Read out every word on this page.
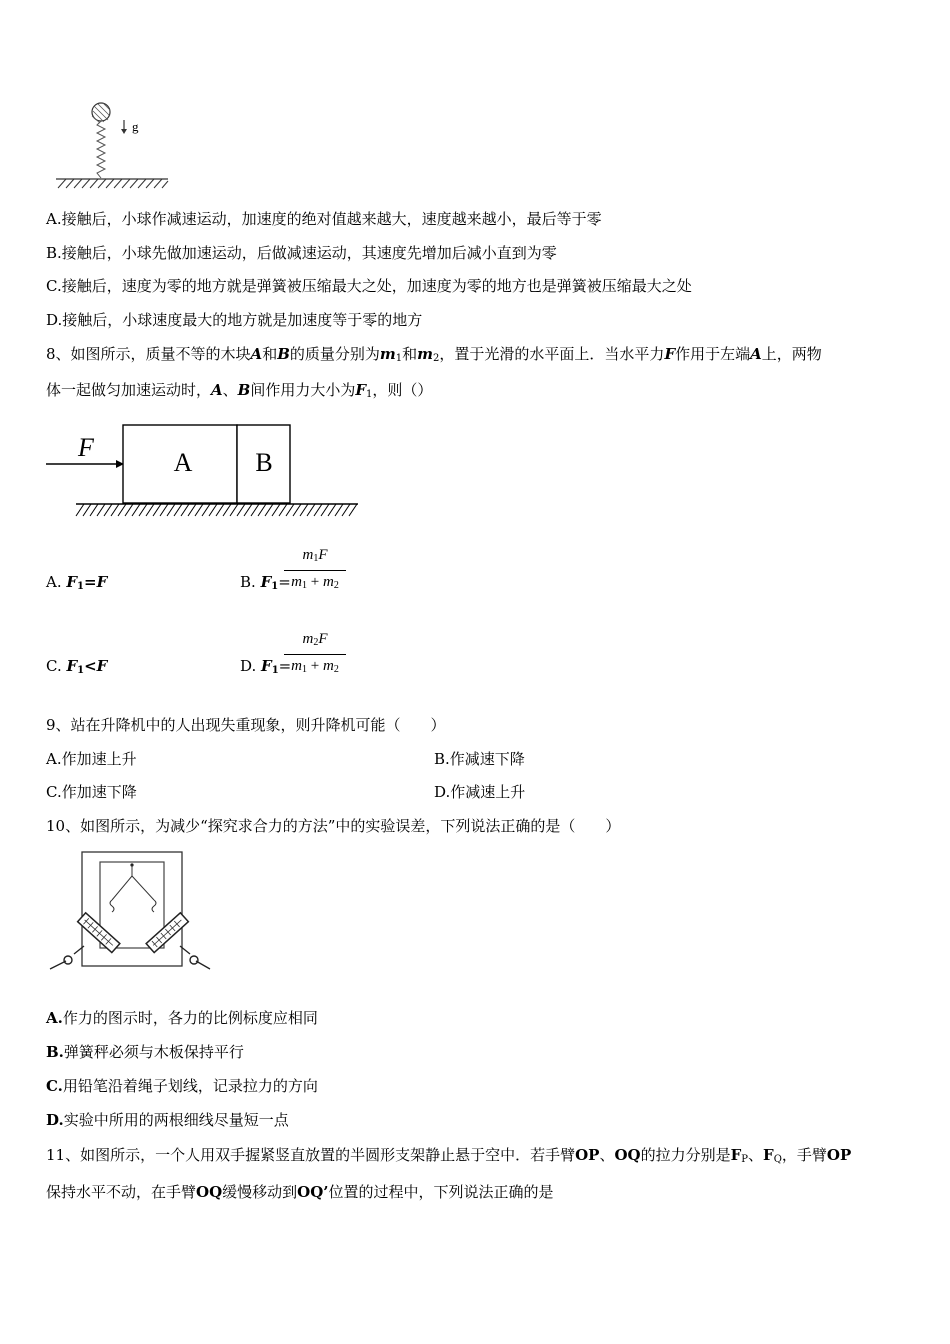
g
A.接触后，小球作减速运动，加速度的绝对值越来越大，速度越来越小，最后等于零
B.接触后，小球先做加速运动，后做减速运动，其速度先增加后减小直到为零
C.接触后，速度为零的地方就是弹簧被压缩最大之处，加速度为零的地方也是弹簧被压缩最大之处
D.接触后，小球速度最大的地方就是加速度等于零的地方
8、如图所示，质量不等的木块A和B的质量分别为$m_1$和$m_2$，置于光滑的水平面上．当水平力F作用于左端A上，两物
体一起做匀加速运动时，A、B间作用力大小为$F_1$，则（）
F
A B
A. $F_1=F$	B. $F_1=$
$m_1F$
$m_1 + m_2$
C. $F_1<F$	D. $F_1=$
$m_2F$
$m_1 + m_2$
9、站在升降机中的人出现失重现象，则升降机可能（　　）
A.作加速上升	B.作减速下降
C.作加速下降	D.作减速上升
10、如图所示，为减少“探究求合力的方法”中的实验误差，下列说法正确的是（　　）
A.作力的图示时，各力的比例标度应相同
B.弹簧秤必须与木板保持平行
C.用铅笔沿着绳子划线，记录拉力的方向
D.实验中所用的两根细线尽量短一点
11、如图所示，一个人用双手握紧竖直放置的半圆形支架静止悬于空中．若手臂OP、OQ的拉力分别是$F_P$、$F_Q$，手臂OP
保持水平不动，在手臂OQ缓慢移动到OQ’位置的过程中，下列说法正确的是
